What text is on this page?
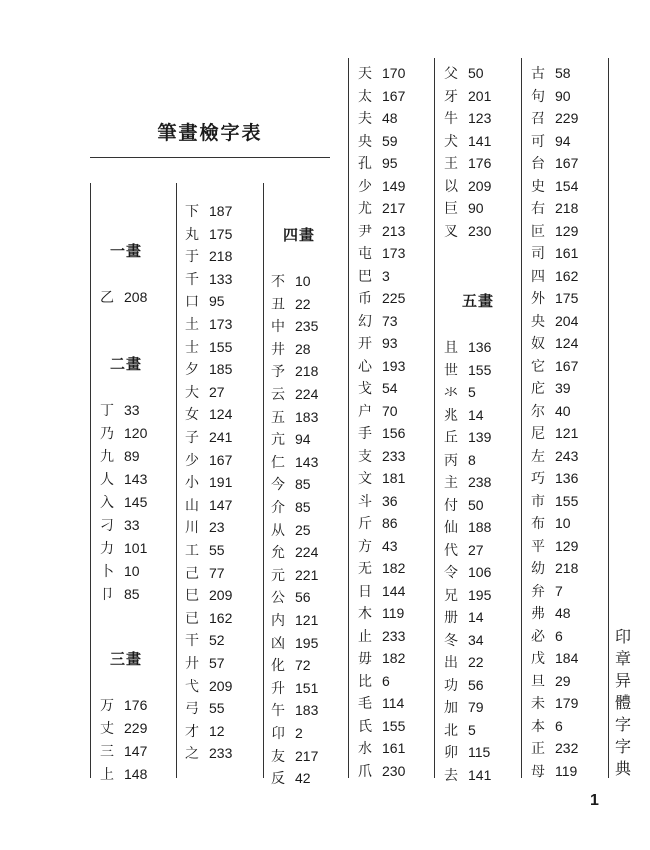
筆畫檢字表
一畫
乙 208
二畫
丁 33
乃 120
九 89
人 143
入 145
刁 33
力 101
卜 10
卩 85
三畫
万 176
丈 229
三 147
上 148
下 187
丸 175
于 218
千 133
口 95
土 173
士 155
夕 185
大 27
女 124
子 241
少 167
小 191
山 147
川 23
工 55
己 77
巳 209
已 162
干 52
廾 57
弋 209
弓 55
才 12
之 233
四畫
不 10
丑 22
中 235
井 28
予 218
云 224
五 183
亢 94
仁 143
今 85
介 85
从 25
允 224
元 221
公 56
内 121
凶 195
化 72
升 151
午 183
卬 2
友 217
反 42
天 170
太 167
夫 48
央 59
孔 95
少 149
尤 217
尹 213
屯 173
巴 3
币 225
幻 73
开 93
心 193
戈 54
户 70
手 156
支 233
文 181
斗 36
斤 86
方 43
无 182
日 144
木 119
止 233
毋 182
比 6
毛 114
氏 155
水 161
爪 230
父 50
牙 201
牛 123
犬 141
王 176
以 209
巨 90
叉 230
五畫
且 136
世 155
氺 5
兆 14
丘 139
丙 8
主 238
付 50
仙 188
代 27
令 106
兄 195
册 14
冬 34
出 22
功 56
加 79
北 5
卯 115
去 141
古 58
句 90
召 229
可 94
台 167
史 154
右 218
叵 129
司 161
四 162
外 175
央 204
奴 124
它 167
庀 39
尔 40
尼 121
左 243
巧 136
市 155
布 10
平 129
幼 218
弁 7
弗 48
必 6
戊 184
旦 29
未 179
本 6
正 232
母 119
印章异體字字典
1
